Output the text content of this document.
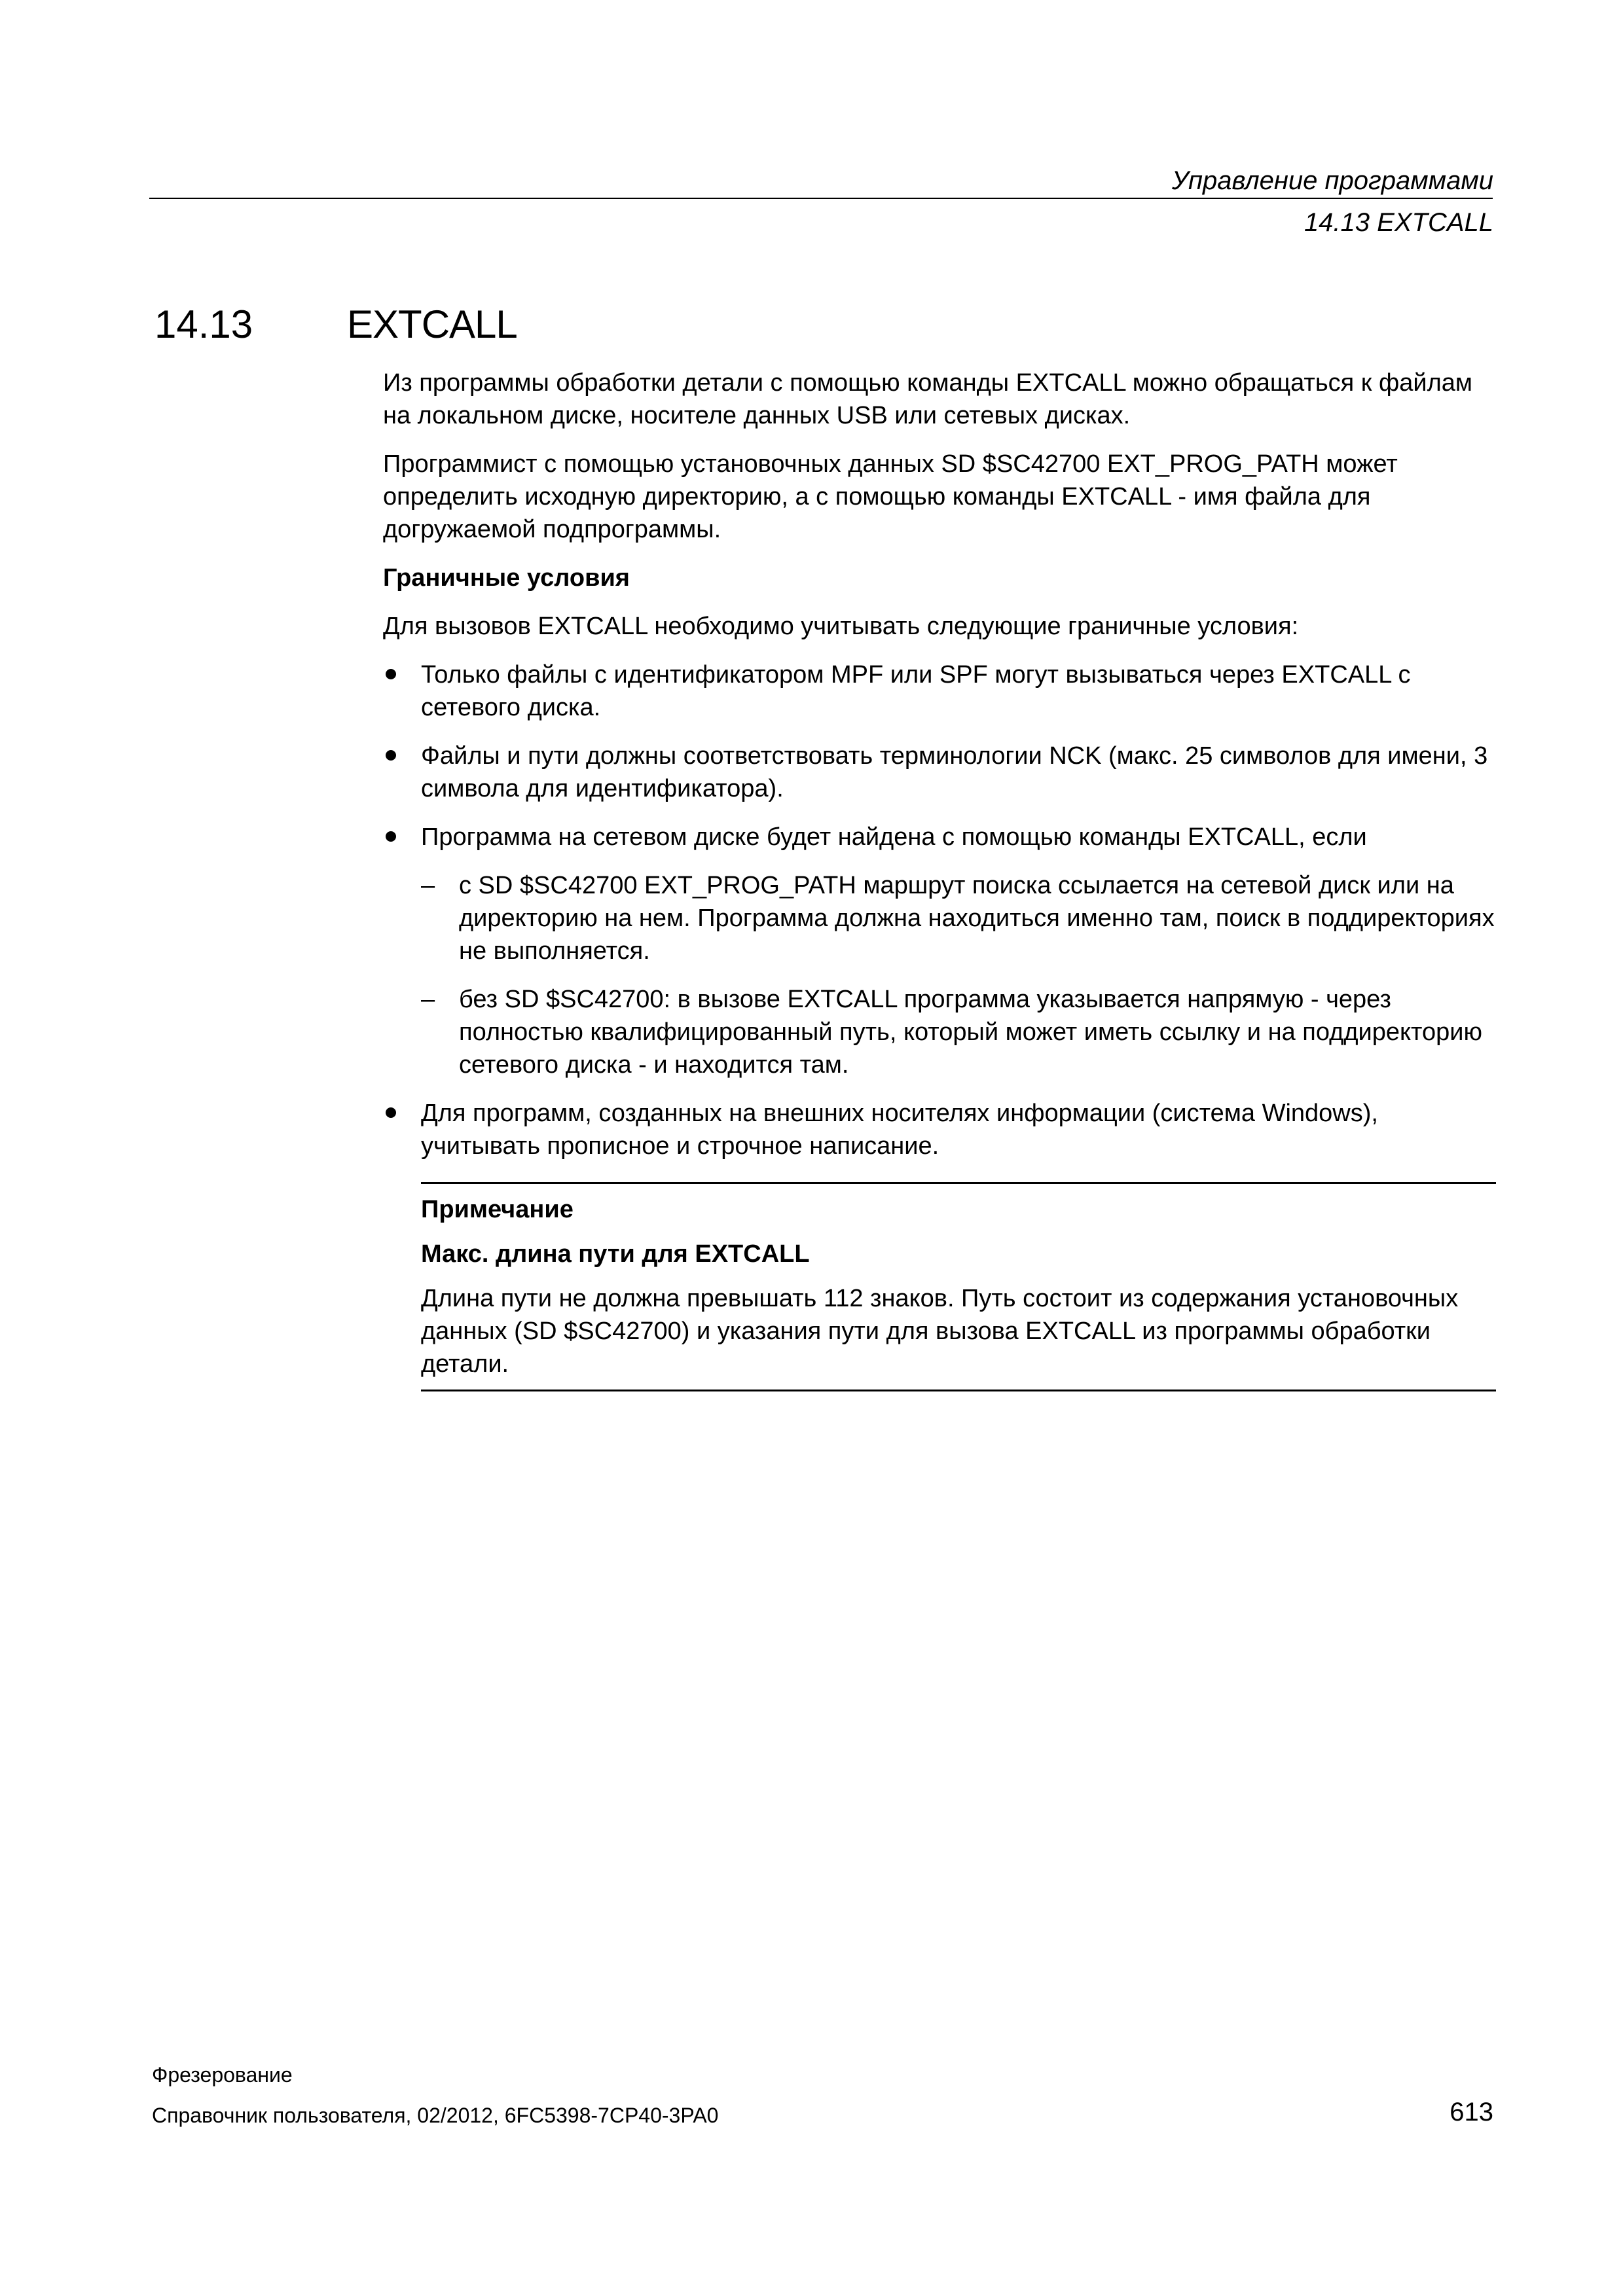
Управление программами
14.13 EXTCALL
14.13 EXTCALL

Из программы обработки детали с помощью команды EXTCALL можно обращаться к файлам на локальном диске, носителе данных USB или сетевых дисках.

Программист с помощью установочных данных SD $SC42700 EXT_PROG_PATH может определить исходную директорию, а с помощью команды EXTCALL - имя файла для догружаемой подпрограммы.

Граничные условия

Для вызовов EXTCALL необходимо учитывать следующие граничные условия:

Только файлы с идентификатором MPF или SPF могут вызываться через EXTCALL с сетевого диска.
Файлы и пути должны соответствовать терминологии NCK (макс. 25 символов для имени, 3 символа для идентификатора).
Программа на сетевом диске будет найдена с помощью команды EXTCALL, если
– с SD $SC42700 EXT_PROG_PATH маршрут поиска ссылается на сетевой диск или на директорию на нем. Программа должна находиться именно там, поиск в поддиректориях не выполняется.
– без SD $SC42700: в вызове EXTCALL программа указывается напрямую - через полностью квалифицированный путь, который может иметь ссылку и на поддиректорию сетевого диска - и находится там.
Для программ, созданных на внешних носителях информации (система Windows), учитывать прописное и строчное написание.

Примечание

Макс. длина пути для EXTCALL

Длина пути не должна превышать 112 знаков. Путь состоит из содержания установочных данных (SD $SC42700) и указания пути для вызова EXTCALL из программы обработки детали.

Фрезерование
Справочник пользователя, 02/2012, 6FC5398-7CP40-3PA0	613
